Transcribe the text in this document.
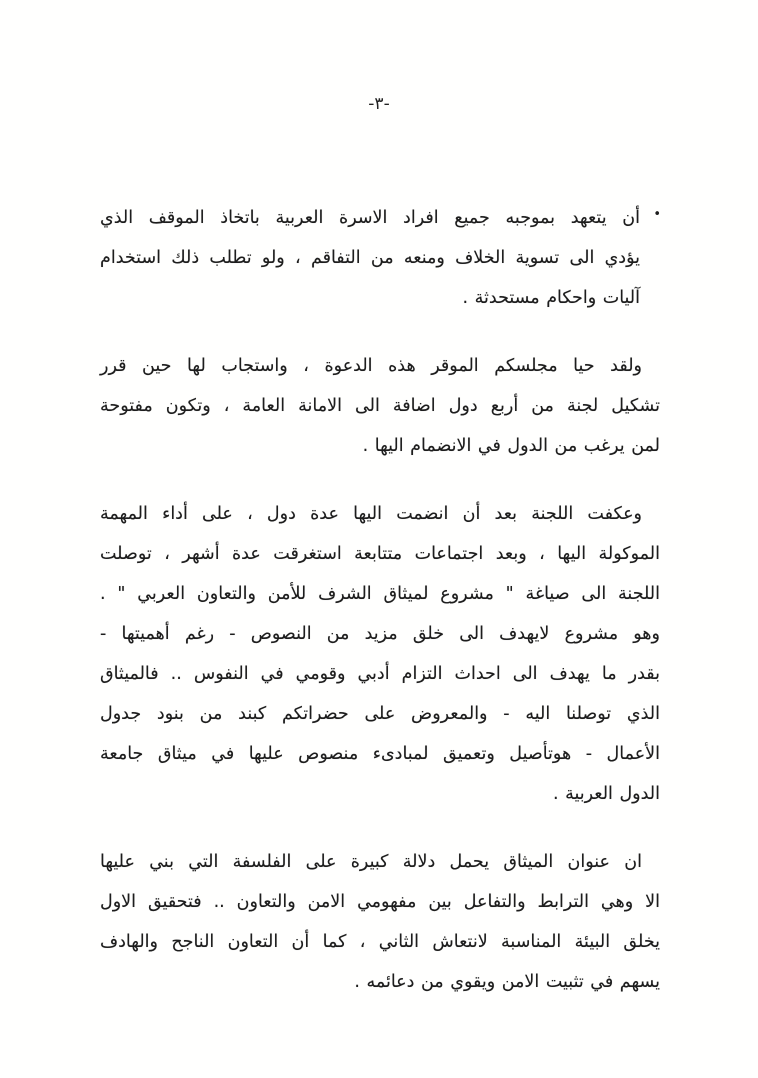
-٣-
•
أن يتعهد بموجبه جميع افراد الاسرة العربية باتخاذ الموقف الذي
يؤدي الى تسوية الخلاف ومنعه من التفاقم ، ولو تطلب ذلك استخدام
آليات واحكام مستحدثة .
ولقد حيا مجلسكم الموقر هذه الدعوة ، واستجاب لها حين قرر
تشكيل لجنة من أربع دول اضافة الى الامانة العامة ، وتكون مفتوحة
لمن يرغب من الدول في الانضمام اليها .
وعكفت اللجنة بعد أن انضمت اليها عدة دول ، على أداء المهمة
الموكولة اليها ، وبعد اجتماعات متتابعة استغرقت عدة أشهر ، توصلت
اللجنة الى صياغة " مشروع لميثاق الشرف للأمن والتعاون العربي " .
وهو مشروع لايهدف الى خلق مزيد من النصوص - رغم أهميتها -
بقدر ما يهدف الى احداث التزام أدبي وقومي في النفوس .. فالميثاق
الذي توصلنا اليه - والمعروض على حضراتكم كبند من بنود جدول
الأعمال - هوتأصيل وتعميق لمبادىء منصوص عليها في ميثاق جامعة
الدول العربية .
ان عنوان الميثاق يحمل دلالة كبيرة على الفلسفة التي بني عليها
الا وهي الترابط والتفاعل بين مفهومي الامن والتعاون .. فتحقيق الاول
يخلق البيئة المناسبة لانتعاش الثاني ، كما أن التعاون الناجح والهادف
يسهم في تثبيت الامن ويقوي من دعائمه .
